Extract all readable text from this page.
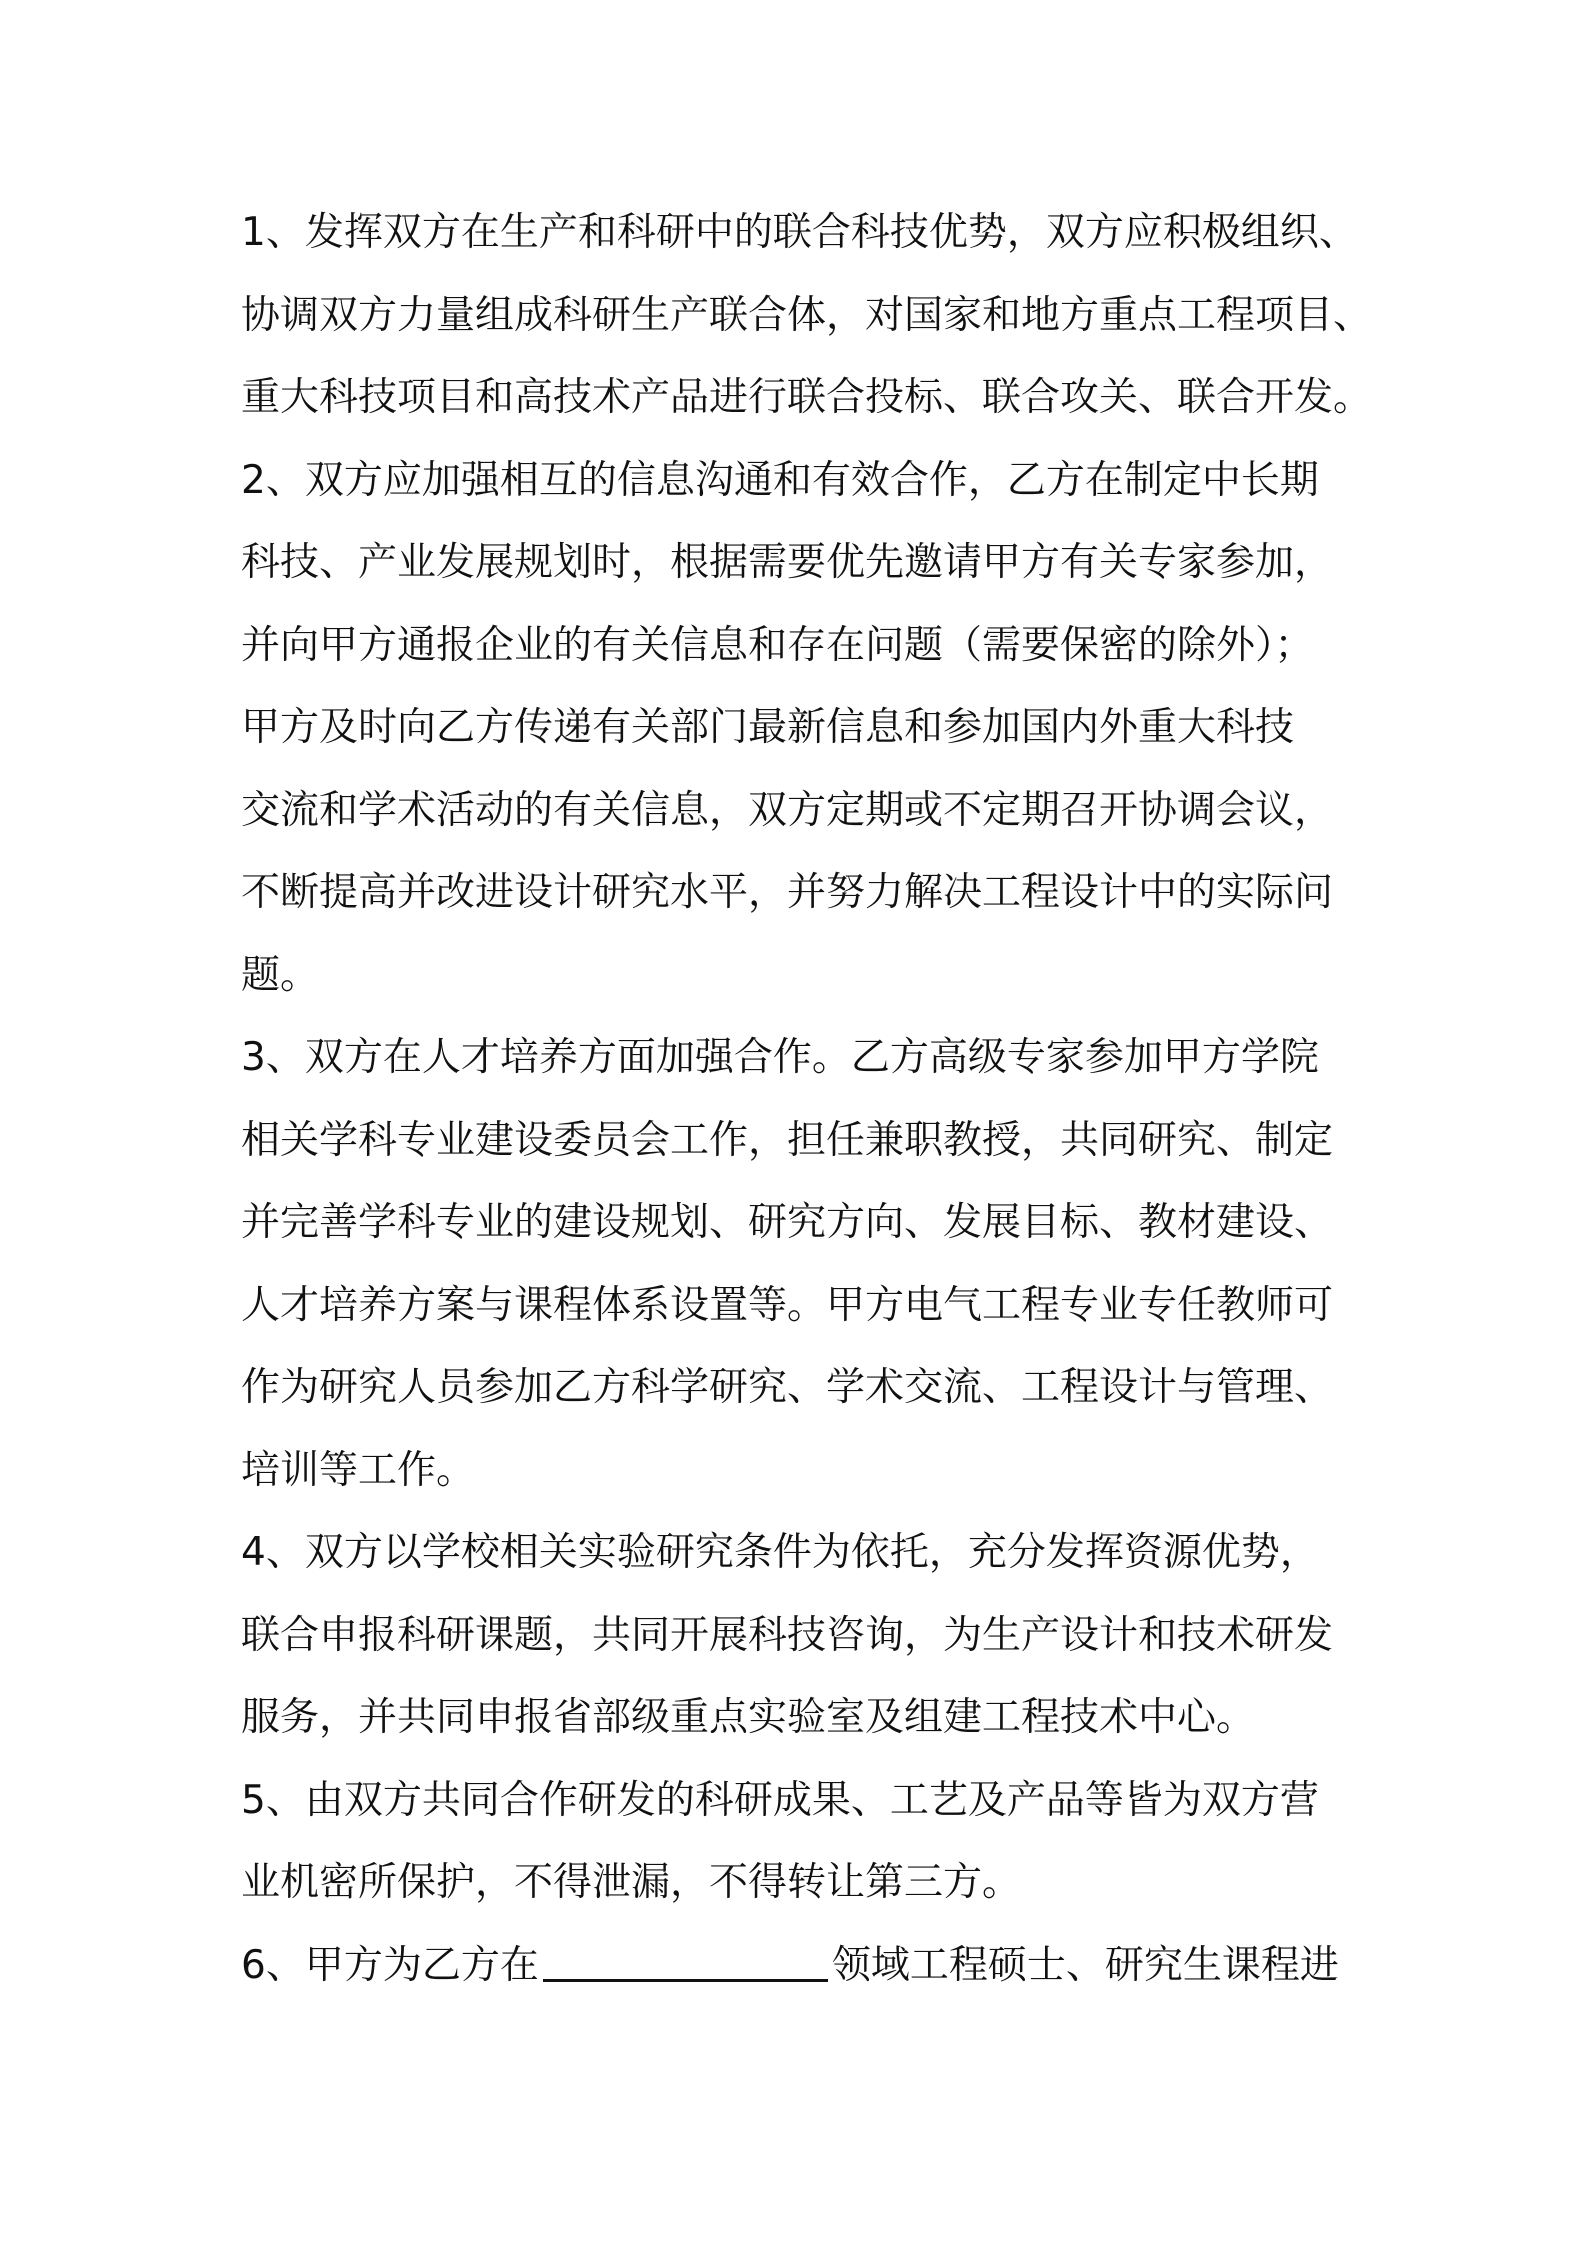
1、发挥双方在生产和科研中的联合科技优势，双方应积极组织、
协调双方力量组成科研生产联合体，对国家和地方重点工程项目、
重大科技项目和高技术产品进行联合投标、联合攻关、联合开发。
2、双方应加强相互的信息沟通和有效合作，乙方在制定中长期
科技、产业发展规划时，根据需要优先邀请甲方有关专家参加，
并向甲方通报企业的有关信息和存在问题（需要保密的除外）；
甲方及时向乙方传递有关部门最新信息和参加国内外重大科技
交流和学术活动的有关信息，双方定期或不定期召开协调会议，
不断提高并改进设计研究水平，并努力解决工程设计中的实际问
题。
3、双方在人才培养方面加强合作。乙方高级专家参加甲方学院
相关学科专业建设委员会工作，担任兼职教授，共同研究、制定
并完善学科专业的建设规划、研究方向、发展目标、教材建设、
人才培养方案与课程体系设置等。甲方电气工程专业专任教师可
作为研究人员参加乙方科学研究、学术交流、工程设计与管理、
培训等工作。
4、双方以学校相关实验研究条件为依托，充分发挥资源优势，
联合申报科研课题，共同开展科技咨询，为生产设计和技术研发
服务，并共同申报省部级重点实验室及组建工程技术中心。
5、由双方共同合作研发的科研成果、工艺及产品等皆为双方营
业机密所保护，不得泄漏，不得转让第三方。
6、甲方为乙方在	领域工程硕士、研究生课程进
